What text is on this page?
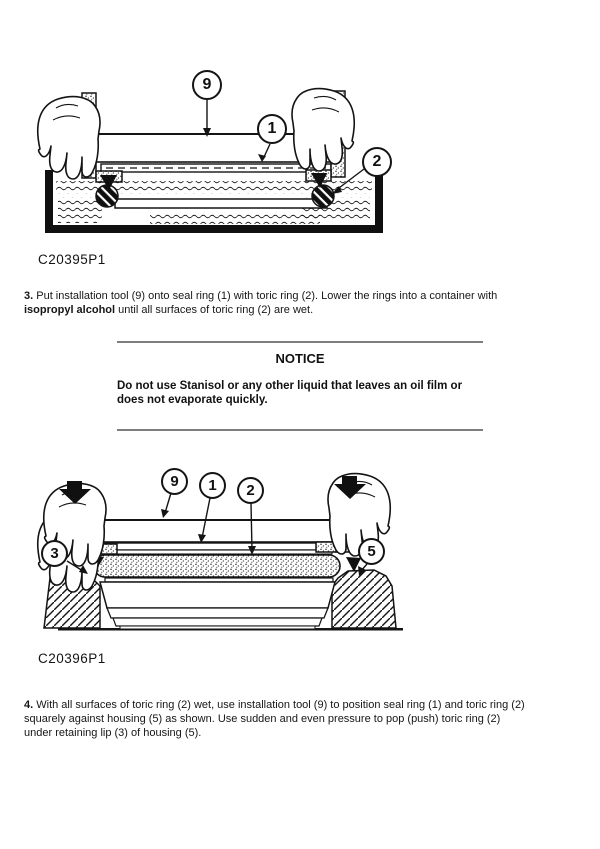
9
1
2
C20395P1
3. Put installation tool (9) onto seal ring (1) with toric ring (2). Lower the rings into a container with
isopropyl alcohol until all surfaces of toric ring (2) are wet.
NOTICE
Do not use Stanisol or any other liquid that leaves an oil film or
does not evaporate quickly.
9 1 2
3	5
C20396P1
4. With all surfaces of toric ring (2) wet, use installation tool (9) to position seal ring (1) and toric ring (2)
squarely against housing (5) as shown. Use sudden and even pressure to pop (push) toric ring (2)
under retaining lip (3) of housing (5).
